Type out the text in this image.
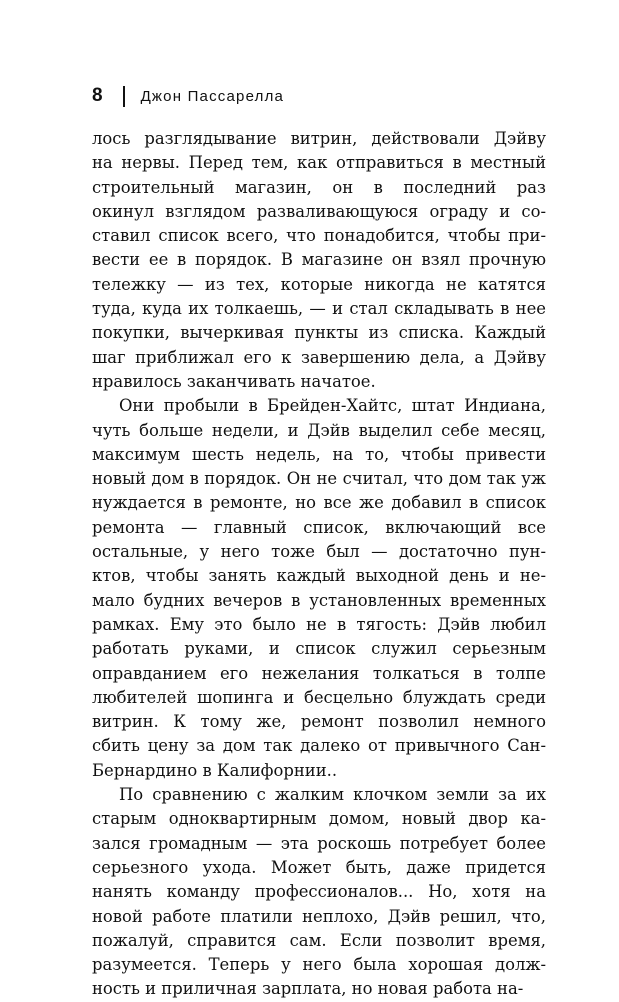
8	Джон Пассарелла
лось разглядывание витрин, действовали Дэйву
на нервы. Перед тем, как отправиться в местный
строительный магазин, он в последний раз
окинул взглядом разваливающуюся ограду и со-
ставил список всего, что понадобится, чтобы при-
вести ее в порядок. В магазине он взял прочную
тележку — из тех, которые никогда не катятся
туда, куда их толкаешь, — и стал складывать в нее
покупки, вычеркивая пункты из списка. Каждый
шаг приближал его к завершению дела, а Дэйву
нравилось заканчивать начатое.
Они пробыли в Брейден-Хайтс, штат Индиана,
чуть больше недели, и Дэйв выделил себе месяц,
максимум шесть недель, на то, чтобы привести
новый дом в порядок. Он не считал, что дом так уж
нуждается в ремонте, но все же добавил в список
ремонта — главный список, включающий все
остальные, у него тоже был — достаточно пун-
ктов, чтобы занять каждый выходной день и не-
мало будних вечеров в установленных временных
рамках. Ему это было не в тягость: Дэйв любил
работать руками, и список служил серьезным
оправданием его нежелания толкаться в толпе
любителей шопинга и бесцельно блуждать среди
витрин. К тому же, ремонт позволил немного
сбить цену за дом так далеко от привычного Сан-
Бернардино в Калифорнии..
По сравнению с жалким клочком земли за их
старым одноквартирным домом, новый двор ка-
зался громадным — эта роскошь потребует более
серьезного ухода. Может быть, даже придется
нанять команду профессионалов... Но, хотя на
новой работе платили неплохо, Дэйв решил, что,
пожалуй, справится сам. Если позволит время,
разумеется. Теперь у него была хорошая долж-
ность и приличная зарплата, но новая работа на-
